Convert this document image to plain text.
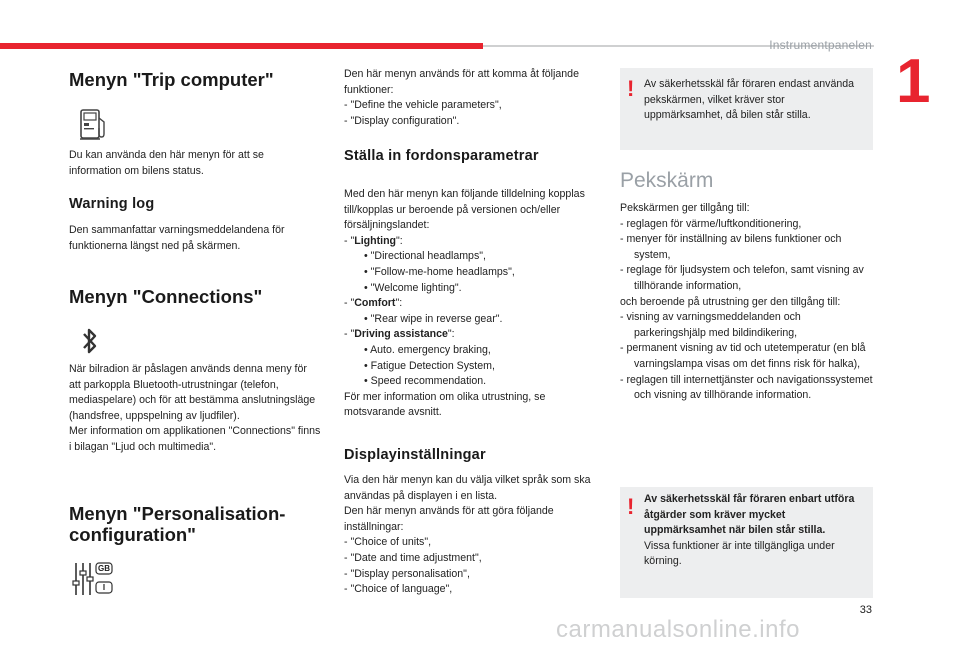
Instrumentpanelen
1
Menyn "Trip computer"
Du kan använda den här menyn för att se information om bilens status.
Warning log
Den sammanfattar varningsmeddelandena för funktionerna längst ned på skärmen.
Menyn "Connections"

När bilradion är påslagen används denna meny för att parkoppla Bluetooth-utrustningar (telefon, mediaspelare) och för att bestämma anslutningsläge (handsfree, uppspelning av ljudfiler).

Mer information om applikationen "Connections" finns i bilagan "Ljud och multimedia".

Menyn "Personalisation-
configuration"
GB
I

Den här menyn används för att komma åt följande funktioner:

- "Define the vehicle parameters",

- "Display configuration".

Ställa in fordonsparametrar

Med den här menyn kan följande tilldelning kopplas till/kopplas ur beroende på versionen och/eller försäljningslandet:

- "Lighting":

• "Directional headlamps",

• "Follow-me-home headlamps",

• "Welcome lighting".

- "Comfort":

• "Rear wipe in reverse gear".

- "Driving assistance":

• Auto. emergency braking,

• Fatigue Detection System,

• Speed recommendation.

För mer information om olika utrustning, se motsvarande avsnitt.

Displayinställningar

Via den här menyn kan du välja vilket språk som ska användas på displayen i en lista.

Den här menyn används för att göra följande inställningar:

- "Choice of units",

- "Date and time adjustment",

- "Display personalisation",

- "Choice of language",

! Av säkerhetsskäl får föraren endast använda pekskärmen, vilket kräver stor uppmärksamhet, då bilen står stilla.
Pekskärm

Pekskärmen ger tillgång till:

- reglagen för värme/luftkonditionering,

- menyer för inställning av bilens funktioner och system,

- reglage för ljudsystem och telefon, samt visning av tillhörande information,

och beroende på utrustning ger den tillgång till:

- visning av varningsmeddelanden och parkeringshjälp med bildindikering,

- permanent visning av tid och utetemperatur (en blå varningslampa visas om det finns risk för halka),

- reglagen till internettjänster och navigationssystemet och visning av tillhörande information.

! Av säkerhetsskäl får föraren enbart utföra åtgärder som kräver mycket uppmärksamhet när bilen står stilla.

Vissa funktioner är inte tillgängliga under körning.

33
carmanualsonline.info
